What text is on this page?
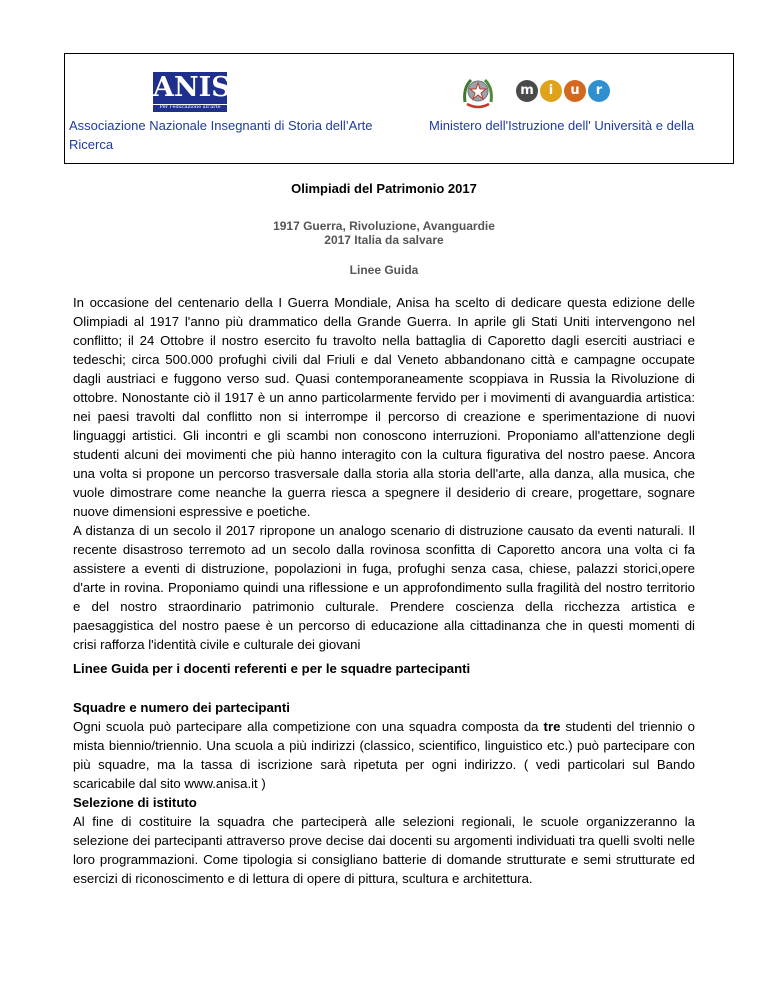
ANISA
Per l'educazione all'arte
m	i	u	r
Associazione Nazionale Insegnanti di Storia dell’Arte
Ricerca
Ministero dell'Istruzione dell' Università e della
Olimpiadi del Patrimonio 2017
1917 Guerra, Rivoluzione, Avanguardie
2017 Italia da salvare
Linee Guida

In occasione del centenario della I Guerra Mondiale, Anisa ha scelto di dedicare questa edizione delle Olimpiadi al 1917 l'anno più drammatico della Grande Guerra. In aprile gli Stati Uniti intervengono nel conflitto; il 24 Ottobre il nostro esercito fu travolto nella battaglia di Caporetto dagli eserciti austriaci e tedeschi; circa 500.000 profughi civili dal Friuli e dal Veneto abbandonano città e campagne occupate dagli austriaci e fuggono verso sud. Quasi contemporaneamente scoppiava in Russia la Rivoluzione di ottobre. Nonostante ciò il 1917 è un anno particolarmente fervido per i movimenti di avanguardia artistica: nei paesi travolti dal conflitto non si interrompe il percorso di creazione e sperimentazione di nuovi linguaggi artistici. Gli incontri e gli scambi non conoscono interruzioni. Proponiamo all'attenzione degli studenti alcuni dei movimenti che più hanno interagito con la cultura figurativa del nostro paese. Ancora una volta si propone un percorso trasversale dalla storia alla storia dell'arte, alla danza, alla musica, che vuole dimostrare come neanche la guerra riesca a spegnere il desiderio di creare, progettare, sognare nuove dimensioni espressive e poetiche.

A distanza di un secolo il 2017 ripropone un analogo scenario di distruzione causato da eventi naturali. Il recente disastroso terremoto ad un secolo dalla rovinosa sconfitta di Caporetto ancora una volta ci fa assistere a eventi di distruzione, popolazioni in fuga, profughi senza casa, chiese, palazzi storici,opere d'arte in rovina. Proponiamo quindi una riflessione e un approfondimento sulla fragilità del nostro territorio e del nostro straordinario patrimonio culturale. Prendere coscienza della ricchezza artistica e paesaggistica del nostro paese è un percorso di educazione alla cittadinanza che in questi momenti di crisi rafforza l'identità civile e culturale dei giovani

Linee Guida per i docenti referenti e per le squadre partecipanti
Squadre e numero dei partecipanti

Ogni scuola può partecipare alla competizione con una squadra composta da tre studenti del triennio o mista biennio/triennio. Una scuola a più indirizzi (classico, scientifico, linguistico etc.) può partecipare con più squadre, ma la tassa di iscrizione sarà ripetuta per ogni indirizzo. ( vedi particolari sul Bando scaricabile dal sito www.anisa.it )

Selezione di istituto

Al fine di costituire la squadra che parteciperà alle selezioni regionali, le scuole organizzeranno la selezione dei partecipanti attraverso prove decise dai docenti su argomenti individuati tra quelli svolti nelle loro programmazioni. Come tipologia si consigliano batterie di domande strutturate e semi strutturate ed esercizi di riconoscimento e di lettura di opere di pittura, scultura e architettura.
